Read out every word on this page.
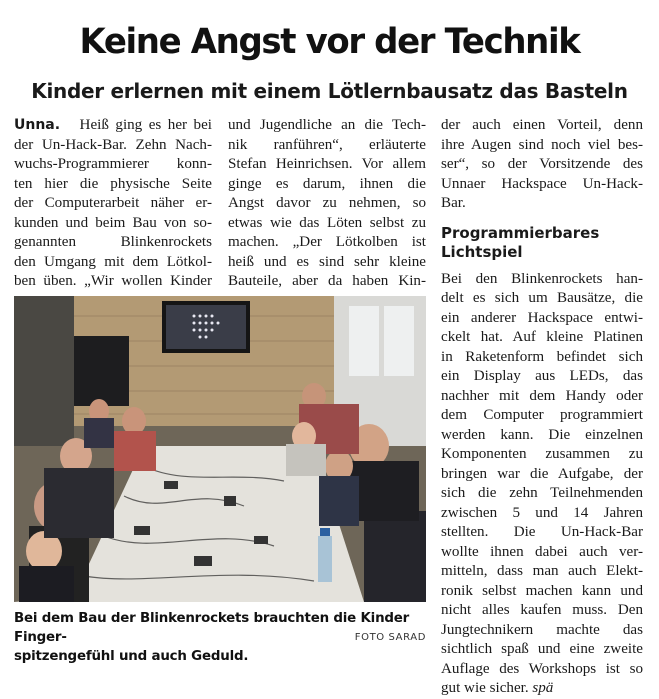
Keine Angst vor der Technik
Kinder erlernen mit einem Lötlernbausatz das Basteln
Unna.   Heiß ging es her bei
der Un-Hack-Bar. Zehn Nach-
wuchs-Programmierer konn-
ten hier die physische Seite
der Computerarbeit näher er-
kunden und beim Bau von so-
genannten Blinkenrockets
den Umgang mit dem Lötkol-
ben üben. „Wir wollen Kinder
und Jugendliche an die Tech-
nik ranführen“, erläuterte
Stefan Heinrichsen. Vor allem
ginge es darum, ihnen die
Angst davor zu nehmen, so
etwas wie das Löten selbst zu
machen. „Der Lötkolben ist
heiß und es sind sehr kleine
Bauteile, aber da haben Kin-
der auch einen Vorteil, denn
ihre Augen sind noch viel bes-
ser“, so der Vorsitzende des
Unnaer Hackspace Un-Hack-
Bar.
Programmierbares
Lichtspiel
Bei den Blinkenrockets han-
delt es sich um Bausätze, die
ein anderer Hackspace entwi-
ckelt hat. Auf kleine Platinen
in Raketenform befindet sich
ein Display aus LEDs, das
nachher mit dem Handy oder
dem Computer programmiert
werden kann. Die einzelnen
Komponenten zusammen zu
bringen war die Aufgabe, der
sich die zehn Teilnehmenden
zwischen 5 und 14 Jahren
stellten. Die Un-Hack-Bar
wollte ihnen dabei auch ver-
mitteln, dass man auch Elekt-
ronik selbst machen kann und
nicht alles kaufen muss. Den
Jungtechnikern machte das
sichtlich spaß und eine zweite
Auflage des Workshops ist so
gut wie sicher. spä
Bei dem Bau der Blinkenrockets brauchten die Kinder Finger-
spitzengefühl und auch Geduld.
FOTO SARAD
